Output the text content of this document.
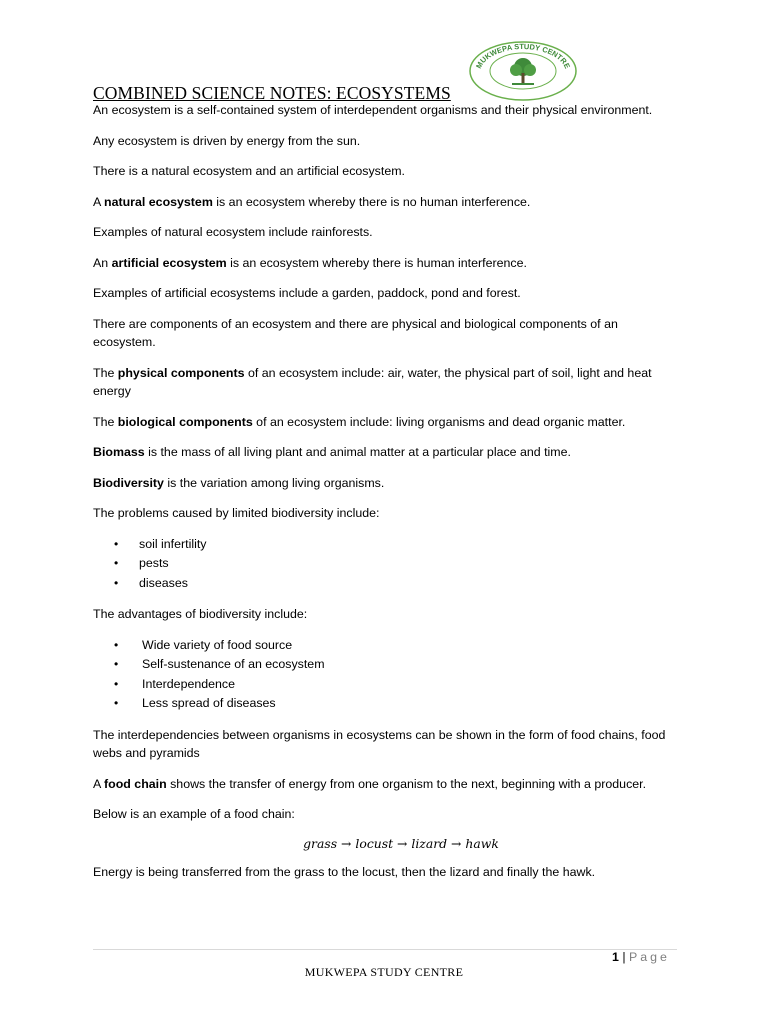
MUKWEPA STUDY CENTRE
COMBINED SCIENCE NOTES: ECOSYSTEMS

An ecosystem is a self-contained system of interdependent organisms and their physical environment.

Any ecosystem is driven by energy from the sun.

There is a natural ecosystem and an artificial ecosystem.

A natural ecosystem is an ecosystem whereby there is no human interference.

Examples of natural ecosystem include rainforests.

An artificial ecosystem is an ecosystem whereby there is human interference.

Examples of artificial ecosystems include a garden, paddock, pond and forest.

There are components of an ecosystem and there are physical and biological components of an ecosystem.

The physical components of an ecosystem include: air, water, the physical part of soil, light and heat energy

The biological components of an ecosystem include: living organisms and dead organic matter.

Biomass is the mass of all living plant and animal matter at a particular place and time.

Biodiversity is the variation among living organisms.

The problems caused by limited biodiversity include:

• soil infertility
• pests
• diseases

The advantages of biodiversity include:

• Wide variety of food source
• Self-sustenance of an ecosystem
• Interdependence
• Less spread of diseases

The interdependencies between organisms in ecosystems can be shown in the form of food chains, food webs and pyramids

A food chain shows the transfer of energy from one organism to the next, beginning with a producer.

Below is an example of a food chain:

grass → locust → lizard → hawk

Energy is being transferred from the grass to the locust, then the lizard and finally the hawk.

1 | Page
MUKWEPA STUDY CENTRE
